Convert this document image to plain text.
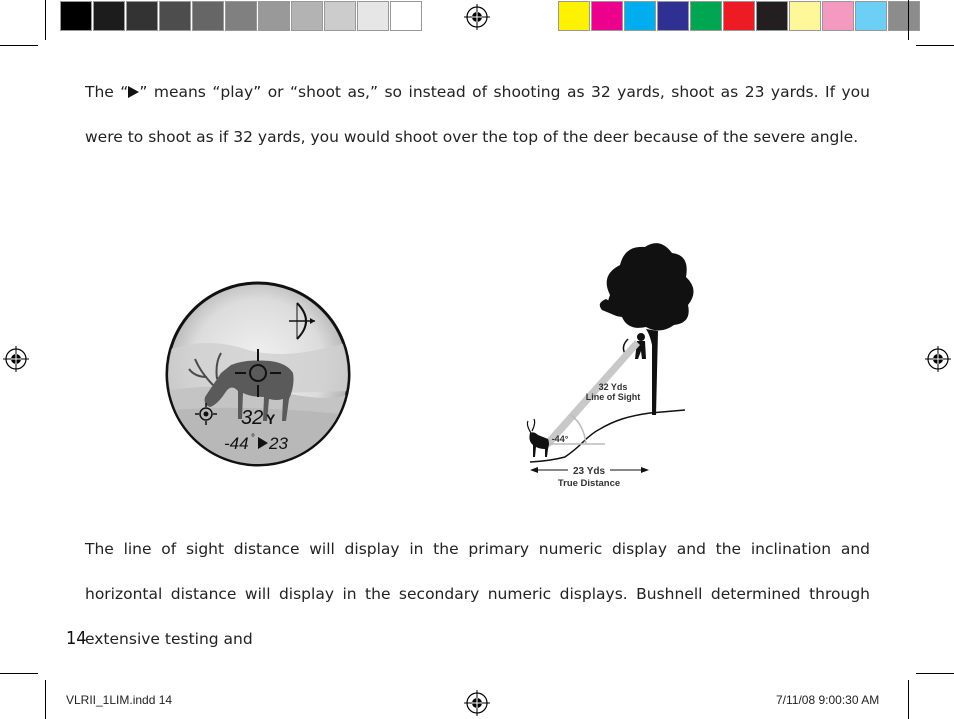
The “ ” means “play” or “shoot as,” so instead of shooting as 32 yards, shoot as 23 yards. If you were to shoot as if 32 yards, you would shoot over the top of the deer because of the severe angle.
32 Y
-44 ° 23
32 Yds
Line of Sight
-44°
23 Yds
True Distance
The line of sight distance will display in the primary numeric display and the inclination and horizontal distance will display in the secondary numeric displays. Bushnell determined through extensive testing and
14
VLRII_1LIM.indd 14	7/11/08 9:00:30 AM
